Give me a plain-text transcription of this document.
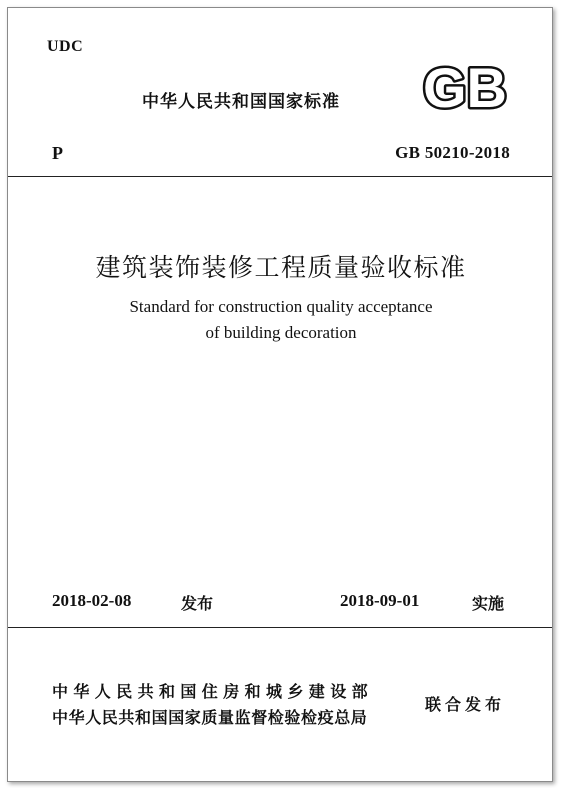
UDC
中华人民共和国国家标准 GB
P	GB 50210-2018
建筑装饰装修工程质量验收标准
Standard for construction quality acceptance
of building decoration
2018-02-08	发布	2018-09-01	实施
中华人民共和国住房和城乡建设部
中华人民共和国国家质量监督检验检疫总局
联合发布
